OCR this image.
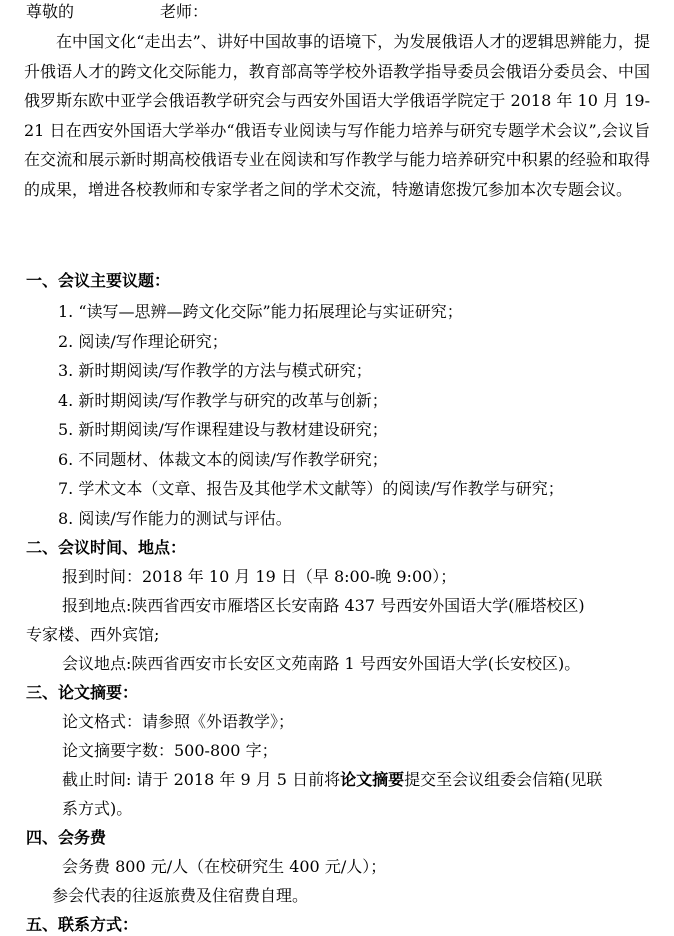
尊敬的	老师：
在中国文化“走出去”、讲好中国故事的语境下，为发展俄语人才的逻辑思辨能力，提升俄语人才的跨文化交际能力，教育部高等学校外语教学指导委员会俄语分委员会、中国俄罗斯东欧中亚学会俄语教学研究会与西安外国语大学俄语学院定于 2018 年 10 月 19-21 日在西安外国语大学举办“俄语专业阅读与写作能力培养与研究专题学术会议”,会议旨在交流和展示新时期高校俄语专业在阅读和写作教学与能力培养研究中积累的经验和取得的成果，增进各校教师和专家学者之间的学术交流，特邀请您拨冗参加本次专题会议。
一、会议主要议题：
1. “读写—思辨—跨文化交际”能力拓展理论与实证研究；
2. 阅读/写作理论研究；
3. 新时期阅读/写作教学的方法与模式研究；
4. 新时期阅读/写作教学与研究的改革与创新；
5. 新时期阅读/写作课程建设与教材建设研究；
6. 不同题材、体裁文本的阅读/写作教学研究；
7. 学术文本（文章、报告及其他学术文献等）的阅读/写作教学与研究；
8. 阅读/写作能力的测试与评估。
二、会议时间、地点：
报到时间：2018 年 10 月 19 日（早 8:00-晚 9:00）；
报到地点:陕西省西安市雁塔区长安南路 437 号西安外国语大学(雁塔校区)
专家楼、西外宾馆;
会议地点:陕西省西安市长安区文苑南路 1 号西安外国语大学(长安校区)。
三、论文摘要：
论文格式：请参照《外语教学》；
论文摘要字数：500-800 字；
截止时间: 请于 2018 年 9 月 5 日前将论文摘要提交至会议组委会信箱(见联
系方式)。
四、会务费
会务费 800 元/人（在校研究生 400 元/人）；
参会代表的往返旅费及住宿费自理。
五、联系方式：
